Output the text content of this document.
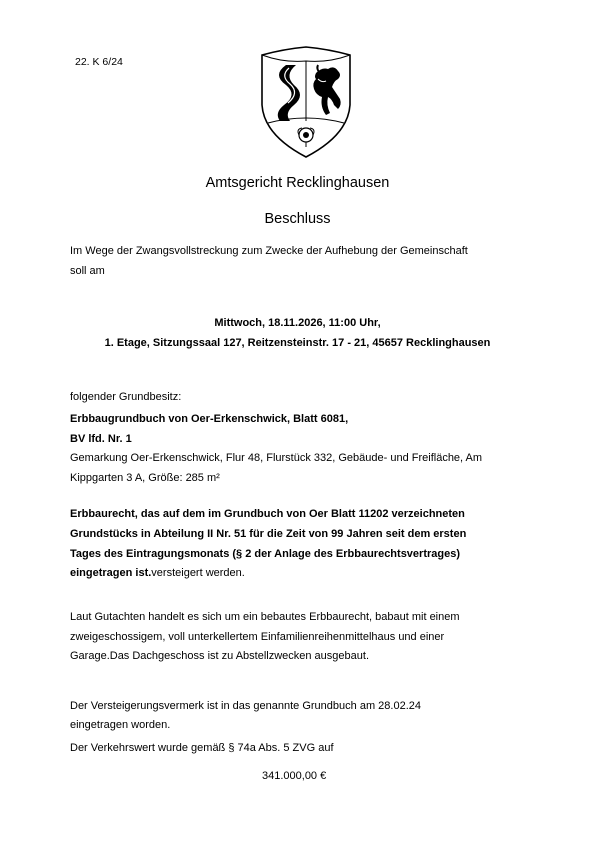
22. K 6/24
Amtsgericht Recklinghausen
Beschluss
Im Wege der Zwangsvollstreckung zum Zwecke der Aufhebung der Gemeinschaft
soll am
Mittwoch, 18.11.2026, 11:00 Uhr,
1. Etage, Sitzungssaal 127, Reitzensteinstr. 17 - 21, 45657 Recklinghausen
folgender Grundbesitz:
Erbbaugrundbuch von Oer-Erkenschwick, Blatt 6081,
BV lfd. Nr. 1
Gemarkung Oer-Erkenschwick, Flur 48, Flurstück 332, Gebäude- und Freifläche, Am
Kippgarten 3 A, Größe: 285 m²
Erbbaurecht, das auf dem im Grundbuch von Oer Blatt 11202 verzeichneten
Grundstücks in Abteilung II Nr. 51 für die Zeit von 99 Jahren seit dem ersten
Tages des Eintragungsmonats (§ 2 der Anlage des Erbbaurechtsvertrages)
eingetragen ist.versteigert werden.
Laut Gutachten handelt es sich um ein bebautes Erbbaurecht, babaut mit einem
zweigeschossigem, voll unterkellertem Einfamilienreihenmittelhaus und einer
Garage.Das Dachgeschoss ist zu Abstellzwecken ausgebaut.
Der Versteigerungsvermerk ist in das genannte Grundbuch am 28.02.24
eingetragen worden.
Der Verkehrswert wurde gemäß § 74a Abs. 5 ZVG auf
341.000,00 €
